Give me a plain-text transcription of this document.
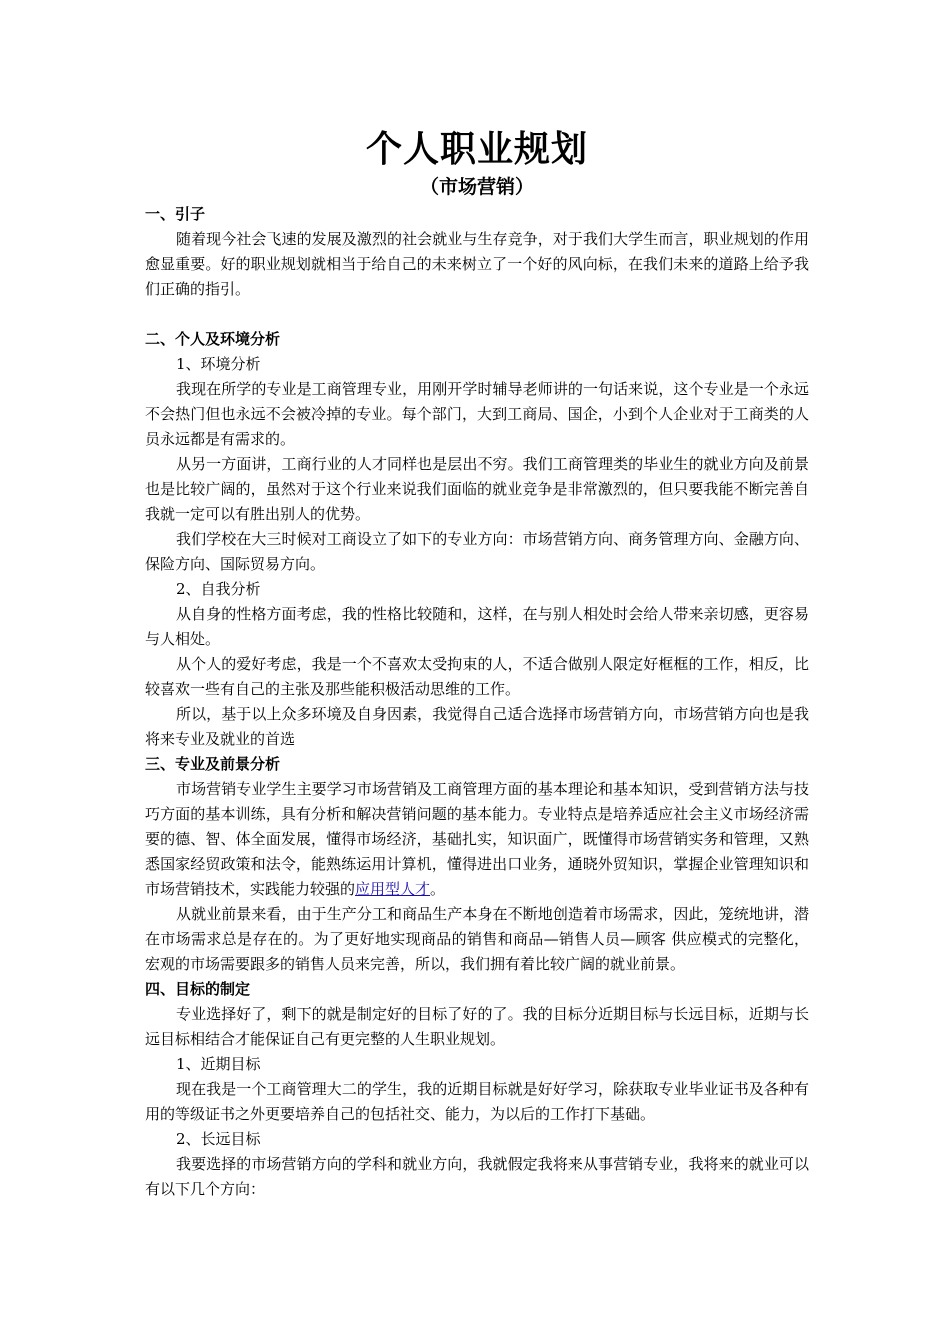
个人职业规划

（市场营销）

一、引子

随着现今社会飞速的发展及激烈的社会就业与生存竞争，对于我们大学生而言，职业规划的作用愈显重要。好的职业规划就相当于给自己的未来树立了一个好的风向标，在我们未来的道路上给予我们正确的指引。

二、个人及环境分析

1、环境分析

我现在所学的专业是工商管理专业，用刚开学时辅导老师讲的一句话来说，这个专业是一个永远不会热门但也永远不会被冷掉的专业。每个部门，大到工商局、国企，小到个人企业对于工商类的人员永远都是有需求的。

从另一方面讲，工商行业的人才同样也是层出不穷。我们工商管理类的毕业生的就业方向及前景也是比较广阔的，虽然对于这个行业来说我们面临的就业竞争是非常激烈的，但只要我能不断完善自我就一定可以有胜出别人的优势。

我们学校在大三时候对工商设立了如下的专业方向：市场营销方向、商务管理方向、金融方向、保险方向、国际贸易方向。

2、自我分析

从自身的性格方面考虑，我的性格比较随和，这样，在与别人相处时会给人带来亲切感，更容易与人相处。

从个人的爱好考虑，我是一个不喜欢太受拘束的人，不适合做别人限定好框框的工作，相反，比较喜欢一些有自己的主张及那些能积极活动思维的工作。

所以，基于以上众多环境及自身因素，我觉得自己适合选择市场营销方向，市场营销方向也是我将来专业及就业的首选

三、专业及前景分析

市场营销专业学生主要学习市场营销及工商管理方面的基本理论和基本知识，受到营销方法与技巧方面的基本训练，具有分析和解决营销问题的基本能力。专业特点是培养适应社会主义市场经济需要的德、智、体全面发展，懂得市场经济，基础扎实，知识面广，既懂得市场营销实务和管理，又熟悉国家经贸政策和法令，能熟练运用计算机，懂得进出口业务，通晓外贸知识，掌握企业管理知识和市场营销技术，实践能力较强的应用型人才。

从就业前景来看，由于生产分工和商品生产本身在不断地创造着市场需求，因此，笼统地讲，潜在市场需求总是存在的。为了更好地实现商品的销售和商品—销售人员—顾客 供应模式的完整化，宏观的市场需要跟多的销售人员来完善，所以，我们拥有着比较广阔的就业前景。

四、目标的制定

专业选择好了，剩下的就是制定好的目标了好的了。我的目标分近期目标与长远目标，近期与长远目标相结合才能保证自己有更完整的人生职业规划。

1、近期目标

现在我是一个工商管理大二的学生，我的近期目标就是好好学习，除获取专业毕业证书及各种有用的等级证书之外更要培养自己的包括社交、能力，为以后的工作打下基础。

2、长远目标

我要选择的市场营销方向的学科和就业方向，我就假定我将来从事营销专业，我将来的就业可以有以下几个方向：
